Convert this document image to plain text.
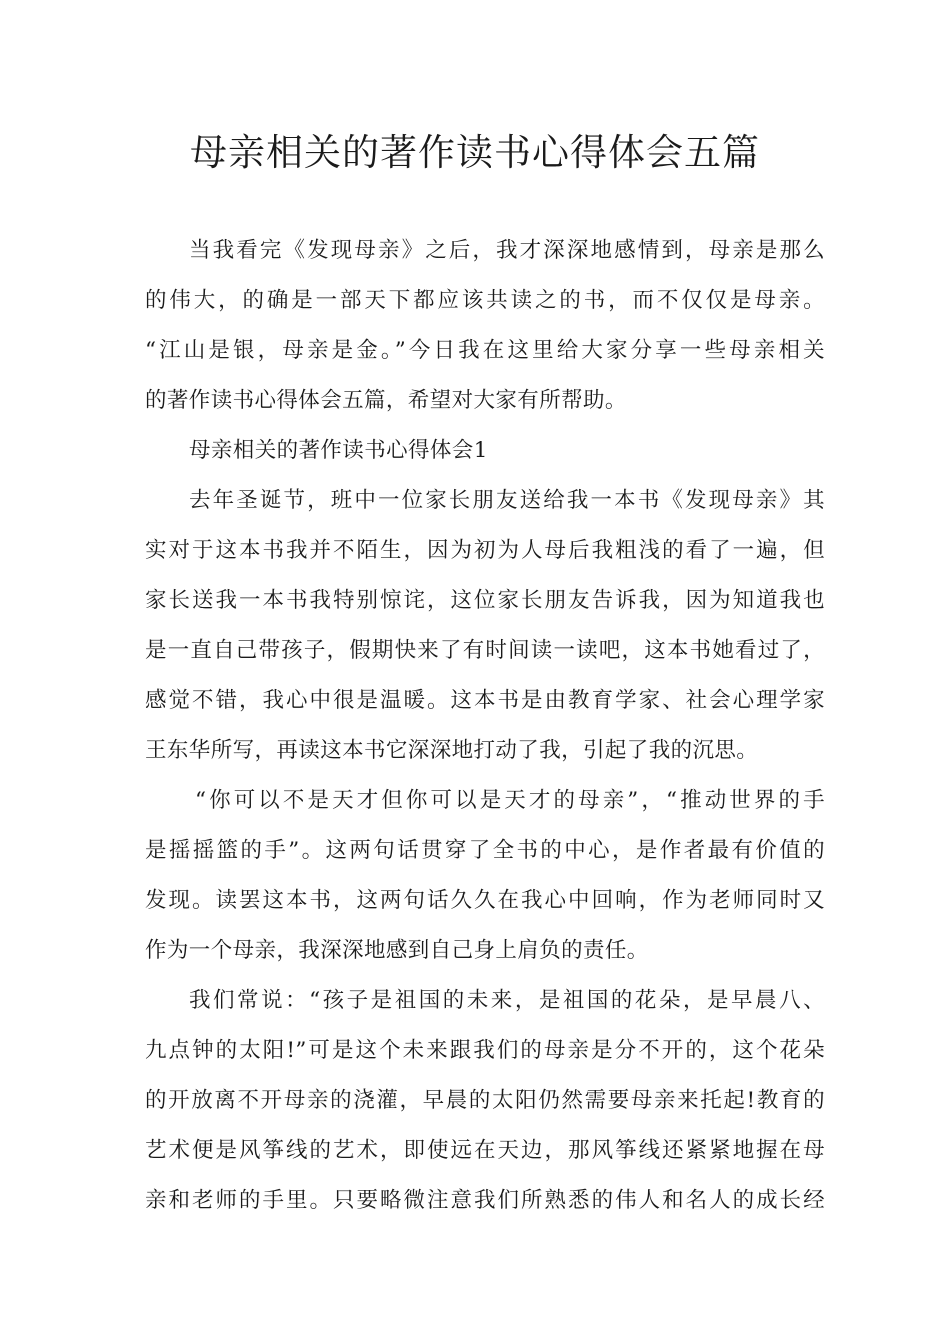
母亲相关的著作读书心得体会五篇
当我看完《发现母亲》之后，我才深深地感情到，母亲是那么
的伟大，的确是一部天下都应该共读之的书，而不仅仅是母亲。
“江山是银，母亲是金。”今日我在这里给大家分享一些母亲相关
的著作读书心得体会五篇，希望对大家有所帮助。
母亲相关的著作读书心得体会1
去年圣诞节，班中一位家长朋友送给我一本书《发现母亲》其
实对于这本书我并不陌生，因为初为人母后我粗浅的看了一遍，但
家长送我一本书我特别惊诧，这位家长朋友告诉我，因为知道我也
是一直自己带孩子，假期快来了有时间读一读吧，这本书她看过了，
感觉不错，我心中很是温暖。这本书是由教育学家、社会心理学家
王东华所写，再读这本书它深深地打动了我，引起了我的沉思。
“你可以不是天才但你可以是天才的母亲”，“推动世界的手
是摇摇篮的手”。这两句话贯穿了全书的中心，是作者最有价值的
发现。读罢这本书，这两句话久久在我心中回响，作为老师同时又
作为一个母亲，我深深地感到自己身上肩负的责任。
我们常说：“孩子是祖国的未来，是祖国的花朵，是早晨八、
九点钟的太阳!”可是这个未来跟我们的母亲是分不开的，这个花朵
的开放离不开母亲的浇灌，早晨的太阳仍然需要母亲来托起!教育的
艺术便是风筝线的艺术，即使远在天边，那风筝线还紧紧地握在母
亲和老师的手里。只要略微注意我们所熟悉的伟人和名人的成长经
